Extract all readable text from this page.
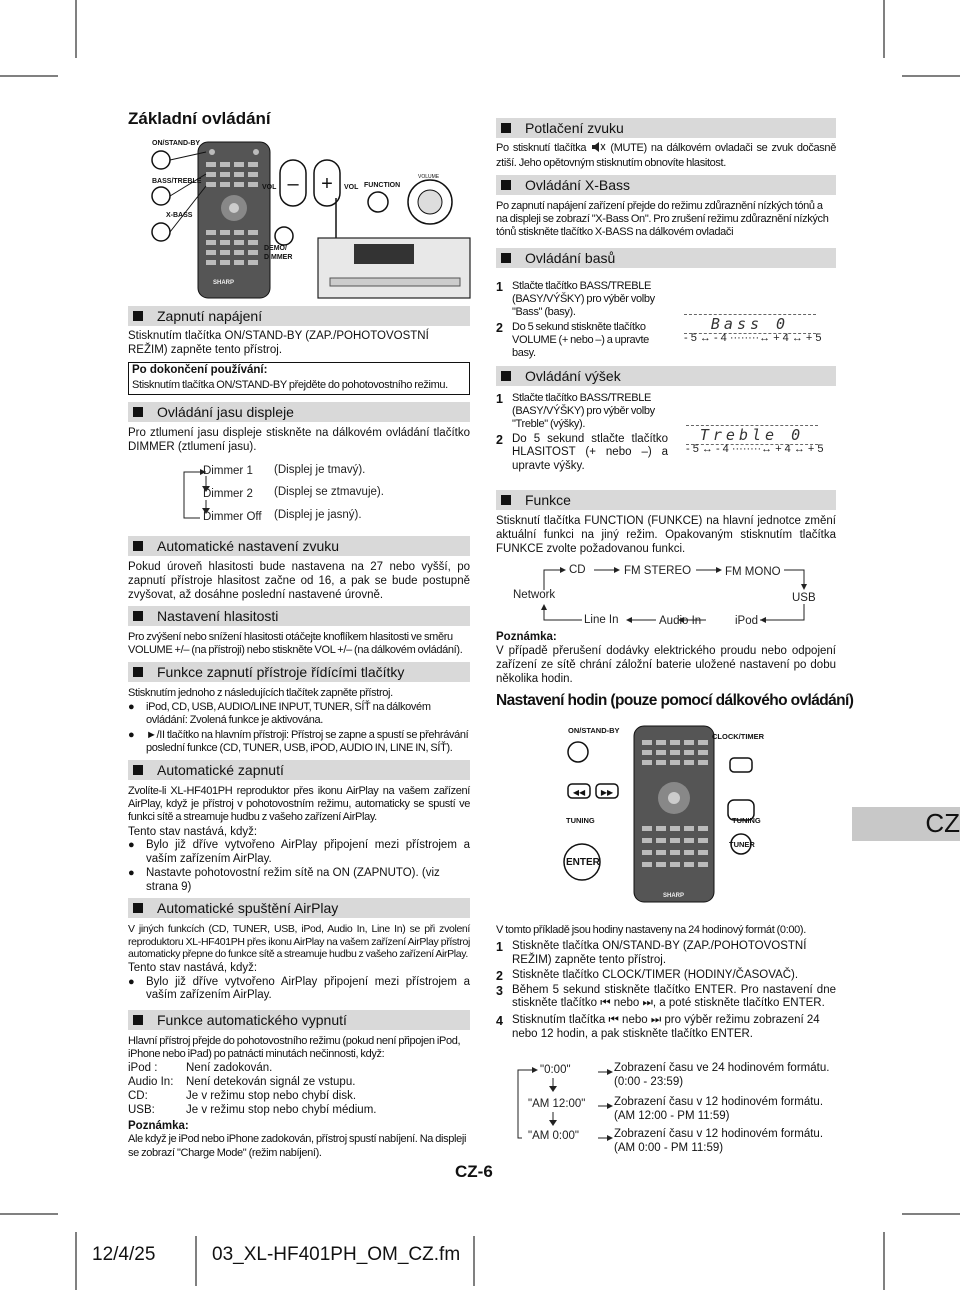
Základní ovládání
– +
ON/STAND-BY
BASS/TREBLE
X-BASS
VOL	VOL FUNCTION
VOLUME
DEMO/ DIMMER
SHARP
Zapnutí napájení
Stisknutím tlačítka ON/STAND-BY (ZAP./POHOTOVOSTNÍ REŽIM) zapněte tento přístroj.
Po dokončení používání:
Stisknutím tlačítka ON/STAND-BY přejděte do pohotovostního režimu.
Ovládání jasu displeje
Pro ztlumení jasu displeje stiskněte na dálkovém ovládání tlačítko DIMMER (ztlumení jasu).
Dimmer 1 (Displej je tmavý).
Dimmer 2 (Displej se ztmavuje).
Dimmer Off (Displej je jasný).
Automatické nastavení zvuku
Pokud úroveň hlasitosti bude nastavena na 27 nebo vyšší, po zapnutí přístroje hlasitost začne od 16, a pak se bude postupně zvyšovat, až dosáhne poslední nastavené úrovně.
Nastavení hlasitosti
Pro zvýšení nebo snížení hlasitosti otáčejte knoflíkem hlasitosti ve směru VOLUME +/– (na přístroji) nebo stiskněte VOL +/– (na dálkovém ovládání).
Funkce zapnutí přístroje řídícími tlačítky
Stisknutím jednoho z následujících tlačítek zapněte přístroj.
● iPod, CD, USB, AUDIO/LINE INPUT, TUNER, SÍŤ na dálkovém ovládání: Zvolená funkce je aktivována.
● ►/II tlačítko na hlavním přístroji: Přístroj se zapne a spustí se přehrávání poslední funkce (CD, TUNER, USB, iPOD, AUDIO IN, LINE IN, SÍŤ).
Automatické zapnutí
Zvolíte-li XL-HF401PH reproduktor přes ikonu AirPlay na vašem zařízení AirPlay, když je přístroj v pohotovostním režimu, automaticky se spustí ve funkci sítě a streamuje hudbu z vašeho zařízení AirPlay.
Tento stav nastává, když:
● Bylo již dříve vytvořeno AirPlay připojení mezi přístrojem a vaším zařízením AirPlay.
● Nastavte pohotovostní režim sítě na ON (ZAPNUTO). (viz strana 9)
Automatické spuštění AirPlay
V jiných funkcích (CD, TUNER, USB, iPod, Audio In, Line In) se při zvolení reproduktoru XL-HF401PH přes ikonu AirPlay na vašem zařízení AirPlay přístroj automaticky přepne do funkce sítě a streamuje hudbu z vašeho zařízení AirPlay.
Tento stav nastává, když:
● Bylo již dříve vytvořeno AirPlay připojení mezi přístrojem a vaším zařízením AirPlay.
Funkce automatického vypnutí
Hlavní přístroj přejde do pohotovostního režimu (pokud není připojen iPod, iPhone nebo iPad) po patnácti minutách nečinnosti, když:
iPod :	Není zadokován.
Audio In:	Není detekován signál ze vstupu.
CD:	Je v režimu stop nebo chybí disk.
USB:	Je v režimu stop nebo chybí médium.
Poznámka:
Ale když je iPod nebo iPhone zadokován, přístroj spustí nabíjení. Na displeji se zobrazí "Charge Mode" (režim nabíjení).
Potlačení zvuku
Po stisknutí tlačítka (MUTE) na dálkovém ovladači se zvuk dočasně ztiší. Jeho opětovným stisknutím obnovíte hlasitost.
Ovládání X-Bass
Po zapnutí napájení zařízení přejde do režimu zdůraznění nízkých tónů a na displeji se zobrazí "X-Bass On". Pro zrušení režimu zdůraznění nízkých tónů stiskněte tlačítko X-BASS na dálkovém ovladači
Ovládání basů
1 Stlačte tlačítko BASS/TREBLE (BASY/VÝŠKY) pro výběr volby "Bass" (basy).
2 Do 5 sekund stiskněte tlačítko VOLUME (+ nebo –) a upravte basy.
Bass 0
- 5 ↔ - 4 ········↔ + 4 ↔ + 5
Ovládání výšek
1 Stlačte tlačítko BASS/TREBLE (BASY/VÝŠKY) pro výběr volby "Treble" (výšky).
2 Do 5 sekund stlačte tlačítko HLASITOST (+ nebo –) a upravte výšky.
Treble 0
- 5 ↔ - 4 ········↔ + 4 ↔ + 5
Funkce
Stisknutí tlačítka FUNCTION (FUNKCE) na hlavní jednotce změní aktuální funkci na jiný režim. Opakovaným stisknutím tlačítka FUNKCE zvolte požadovanou funkci.
CD	FM STEREO	FM MONO
USB
iPod
Audio In
Line In
Network
Poznámka:
V případě přerušení dodávky elektrického proudu nebo odpojení zařízení ze sítě chrání záložní baterie uložené nastavení po dobu několika hodin.
Nastavení hodin (pouze pomocí dálkového ovládání)
◀◀ ▶▶
ON/STAND-BY
CLOCK/TIMER
TUNING	TUNING
ENTER
TUNER
SHARP
V tomto příkladě jsou hodiny nastaveny na 24 hodinový formát (0:00).
1 Stiskněte tlačítka ON/STAND-BY (ZAP./POHOTOVOSTNÍ REŽIM) zapněte tento přístroj.
2 Stiskněte tlačítko CLOCK/TIMER (HODINY/ČASOVAČ).
3 Během 5 sekund stiskněte tlačítko ENTER. Pro nastavení dne stiskněte tlačítko ⏮ nebo ⏭, a poté stiskněte tlačítko ENTER.
4 Stisknutím tlačítka ⏮ nebo ⏭ pro výběr režimu zobrazení 24 nebo 12 hodin, a pak stiskněte tlačítko ENTER.
"0:00"
"AM 12:00"
"AM 0:00"
Zobrazení času ve 24 hodinovém formátu.
(0:00 - 23:59)
Zobrazení času v 12 hodinovém formátu.
(AM 12:00 - PM 11:59)
Zobrazení času v 12 hodinovém formátu.
(AM 0:00 - PM 11:59)
CZ
CZ-6
12/4/25	03_XL-HF401PH_OM_CZ.fm
